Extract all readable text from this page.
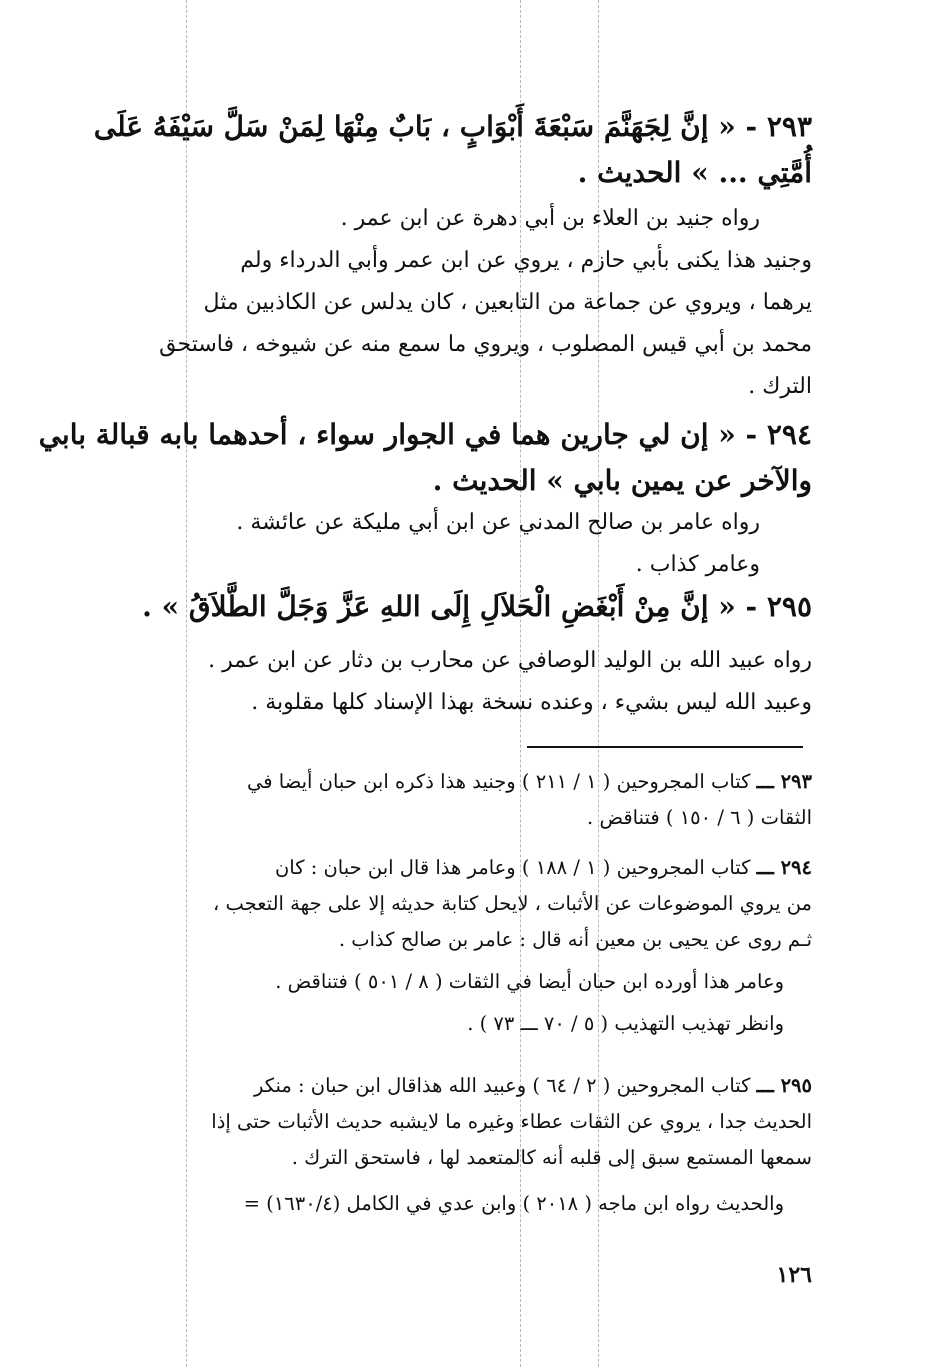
٢٩٣ - « إنَّ لِجَهَنَّمَ سَبْعَةَ أَبْوَابٍ ، بَابٌ مِنْهَا لِمَنْ سَلَّ سَيْفَهُ عَلَى
أُمَّتِي ... » الحديث .
رواه جنيد بن العلاء بن أبي دهرة عن ابن عمر .
وجنيد هذا يكنى بأبي حازم ، يروي عن ابن عمر وأبي الدرداء ولم
يرهما ، ويروي عن جماعة من التابعين ، كان يدلس عن الكاذبين مثل
محمد بن أبي قيس المصلوب ، ويروي ما سمع منه عن شيوخه ، فاستحق
الترك .
٢٩٤ - « إن لي جارين هما في الجوار سواء ، أحدهما بابه قبالة بابي
والآخر عن يمين بابي » الحديث .
رواه عامر بن صالح المدني عن ابن أبي مليكة عن عائشة .
وعامر كذاب .
٢٩٥ - « إنَّ مِنْ أَبْغَضِ الْحَلاَلِ إِلَى اللهِ عَزَّ وَجَلَّ الطَّلاَقُ » .
رواه عبيد الله بن الوليد الوصافي عن محارب بن دثار عن ابن عمر .
وعبيد الله ليس بشيء ، وعنده نسخة بهذا الإسناد كلها مقلوبة .
٢٩٣ ـــ كتاب المجروحين ( ١ / ٢١١ ) وجنيد هذا ذكره ابن حبان أيضا في
الثقات ( ٦ / ١٥٠ ) فتناقض .
٢٩٤ ـــ كتاب المجروحين ( ١ / ١٨٨ ) وعامر هذا قال ابن حبان : كان
من يروي الموضوعات عن الأثبات ، لايحل كتابة حديثه إلا على جهة التعجب ،
ثـم روى عن يحيى بن معين أنه قال : عامر بن صالح كذاب .
وعامر هذا أورده ابن حبان أيضا في الثقات ( ٨ / ٥٠١ ) فتناقض .
وانظر تهذيب التهذيب ( ٥ / ٧٠ ـــ ٧٣ ) .
٢٩٥ ـــ كتاب المجروحين ( ٢ / ٦٤ ) وعبيد الله هذاقال ابن حبان : منكر
الحديث جدا ، يروي عن الثقات عطاء وغيره ما لايشبه حديث الأثبات حتى إذا
سمعها المستمع سبق إلى قلبه أنه كالمتعمد لها ، فاستحق الترك .
والحديث رواه ابن ماجه ( ٢٠١٨ ) وابن عدي في الكامل (١٦٣٠/٤) =
١٢٦
